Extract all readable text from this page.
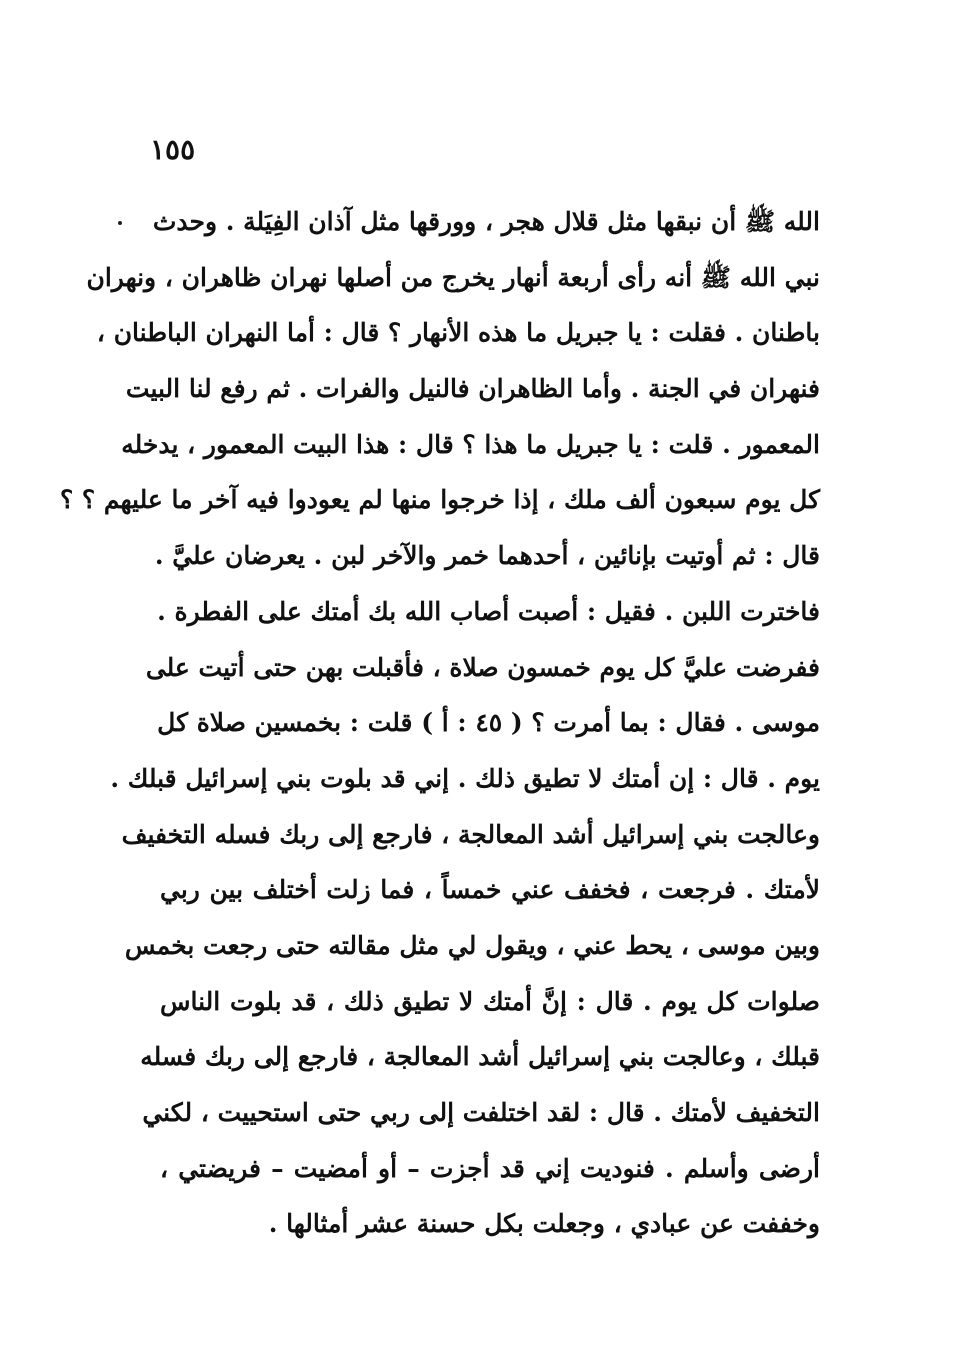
١٥٥
الله ﷺ أن نبقها مثل قلال هجر ، وورقها مثل آذان الفِيَلة . وحدث
نبي الله ﷺ أنه رأى أربعة أنهار يخرج من أصلها نهران ظاهران ، ونهران
باطنان . فقلت : يا جبريل ما هذه الأنهار ؟ قال : أما النهران الباطنان ،
فنهران في الجنة . وأما الظاهران فالنيل والفرات . ثم رفع لنا البيت
المعمور . قلت : يا جبريل ما هذا ؟ قال : هذا البيت المعمور ، يدخله
كل يوم سبعون ألف ملك ، إذا خرجوا منها لم يعودوا فيه آخر ما عليهم ؟ ؟
قال : ثم أوتيت بإنائين ، أحدهما خمر والآخر لبن . يعرضان عليَّ .
فاخترت اللبن . فقيل : أصبت أصاب الله بك أمتك على الفطرة .
ففرضت عليَّ كل يوم خمسون صلاة ، فأقبلت بهن حتى أتيت على
موسى . فقال : بما أمرت ؟ ( ٤٥ : أ ) قلت : بخمسين صلاة كل
يوم . قال : إن أمتك لا تطيق ذلك . إني قد بلوت بني إسرائيل قبلك .
وعالجت بني إسرائيل أشد المعالجة ، فارجع إلى ربك فسله التخفيف
لأمتك . فرجعت ، فخفف عني خمساً ، فما زلت أختلف بين ربي
وبين موسى ، يحط عني ، ويقول لي مثل مقالته حتى رجعت بخمس
صلوات كل يوم . قال : إنَّ أمتك لا تطيق ذلك ، قد بلوت الناس
قبلك ، وعالجت بني إسرائيل أشد المعالجة ، فارجع إلى ربك فسله
التخفيف لأمتك . قال : لقد اختلفت إلى ربي حتى استحييت ، لكني
أرضى وأسلم . فنوديت إني قد أجزت – أو أمضيت – فريضتي ،
وخففت عن عبادي ، وجعلت بكل حسنة عشر أمثالها .
